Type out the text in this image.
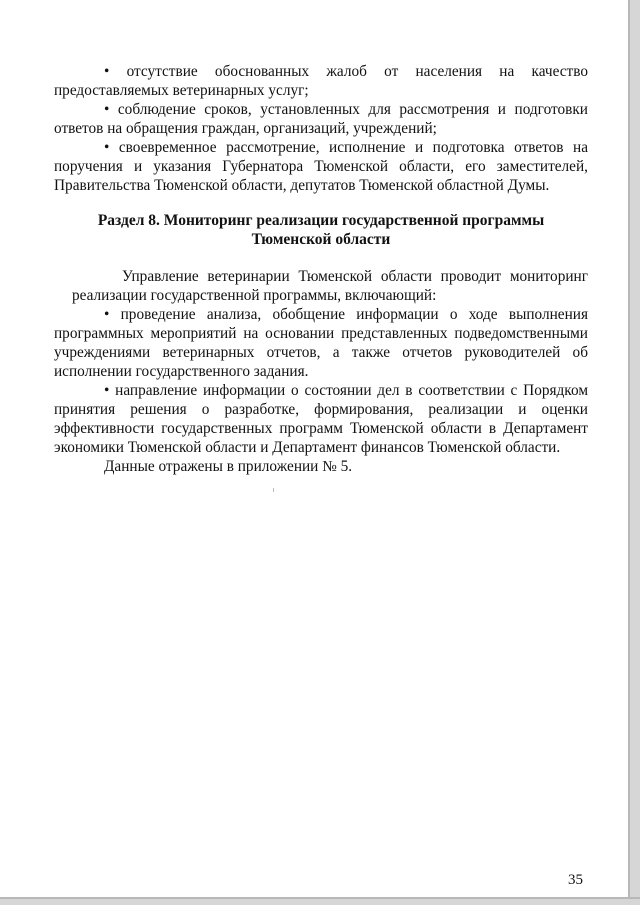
• отсутствие обоснованных жалоб от населения на качество
предоставляемых ветеринарных услуг;
• соблюдение сроков, установленных для рассмотрения и подготовки
ответов на обращения граждан, организаций, учреждений;
• своевременное рассмотрение, исполнение и подготовка ответов на
поручения и указания Губернатора Тюменской области, его заместителей,
Правительства Тюменской области, депутатов Тюменской областной Думы.
Раздел 8. Мониторинг реализации государственной программы
Тюменской области
Управление ветеринарии Тюменской области проводит мониторинг
реализации государственной программы, включающий:
• проведение анализа, обобщение информации о ходе выполнения
программных мероприятий на основании представленных подведомственными
учреждениями ветеринарных отчетов, а также отчетов руководителей об
исполнении государственного задания.
• направление информации о состоянии дел в соответствии с Порядком
принятия решения о разработке, формирования, реализации и оценки
эффективности государственных программ Тюменской области в Департамент
экономики Тюменской области и Департамент финансов Тюменской области.
Данные отражены в приложении № 5.
35
